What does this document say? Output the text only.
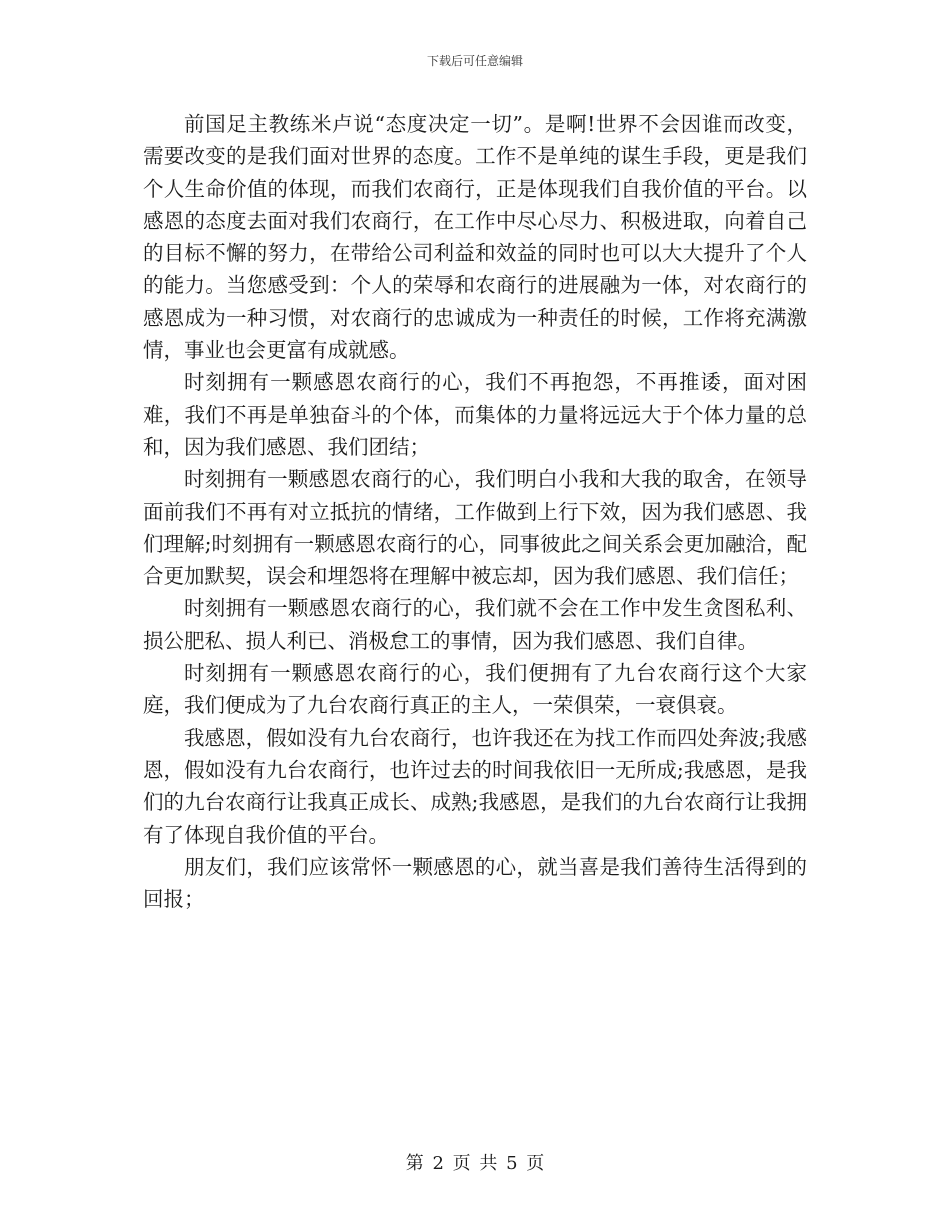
下载后可任意编辑

前国足主教练米卢说“态度决定一切”。是啊!世界不会因谁而改变，需要改变的是我们面对世界的态度。工作不是单纯的谋生手段，更是我们个人生命价值的体现，而我们农商行，正是体现我们自我价值的平台。以感恩的态度去面对我们农商行，在工作中尽心尽力、积极进取，向着自己的目标不懈的努力，在带给公司利益和效益的同时也可以大大提升了个人的能力。当您感受到：个人的荣辱和农商行的进展融为一体，对农商行的感恩成为一种习惯，对农商行的忠诚成为一种责任的时候，工作将充满激情，事业也会更富有成就感。

时刻拥有一颗感恩农商行的心，我们不再抱怨，不再推诿，面对困难，我们不再是单独奋斗的个体，而集体的力量将远远大于个体力量的总和，因为我们感恩、我们团结；

时刻拥有一颗感恩农商行的心，我们明白小我和大我的取舍，在领导面前我们不再有对立抵抗的情绪，工作做到上行下效，因为我们感恩、我们理解;时刻拥有一颗感恩农商行的心，同事彼此之间关系会更加融洽，配合更加默契，误会和埋怨将在理解中被忘却，因为我们感恩、我们信任；

时刻拥有一颗感恩农商行的心，我们就不会在工作中发生贪图私利、损公肥私、损人利已、消极怠工的事情，因为我们感恩、我们自律。

时刻拥有一颗感恩农商行的心，我们便拥有了九台农商行这个大家庭，我们便成为了九台农商行真正的主人，一荣俱荣，一衰俱衰。

我感恩，假如没有九台农商行，也许我还在为找工作而四处奔波;我感恩，假如没有九台农商行，也许过去的时间我依旧一无所成;我感恩，是我们的九台农商行让我真正成长、成熟;我感恩，是我们的九台农商行让我拥有了体现自我价值的平台。

朋友们，我们应该常怀一颗感恩的心，就当喜是我们善待生活得到的回报；

第 2 页 共 5 页
